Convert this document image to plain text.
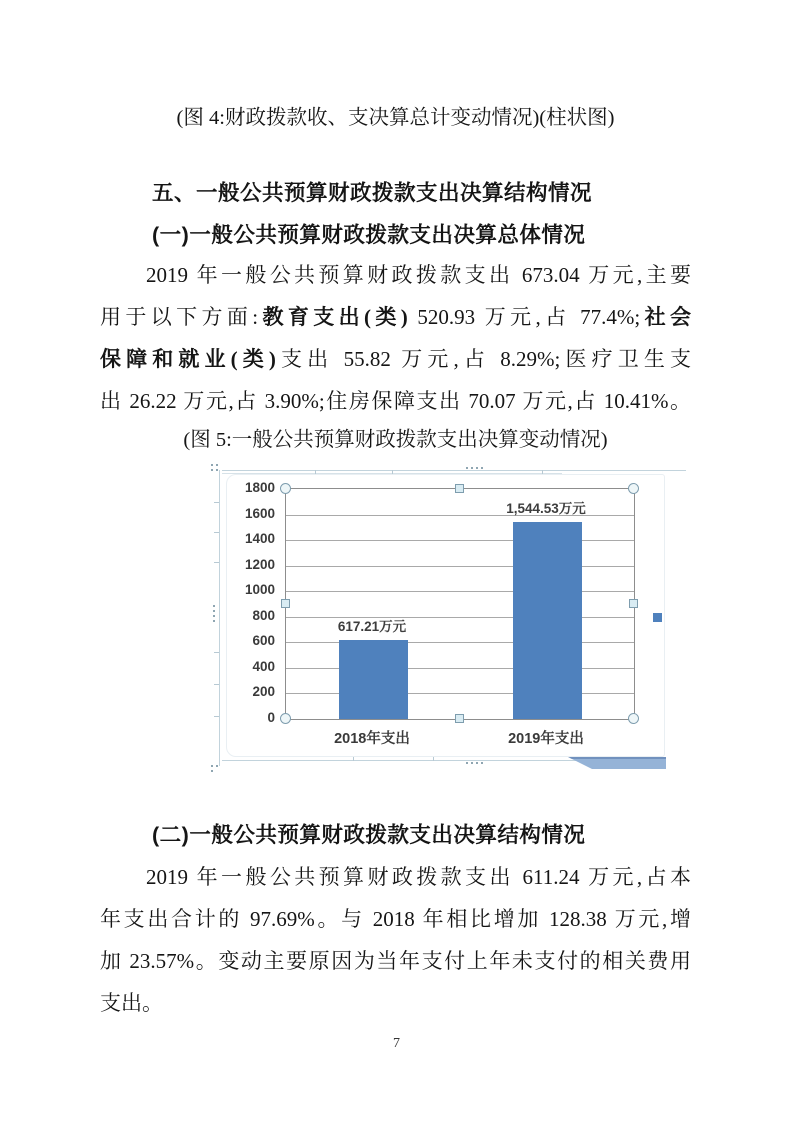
(图 4:财政拨款收、支决算总计变动情况)(柱状图)
五、一般公共预算财政拨款支出决算结构情况
(一)一般公共预算财政拨款支出决算总体情况
2019 年一般公共预算财政拨款支出 673.04 万元,主要
用于以下方面:教育支出(类) 520.93 万元,占 77.4%;社会
保障和就业(类)支出 55.82 万元,占 8.29%;医疗卫生支
出 26.22 万元,占 3.90%;住房保障支出 70.07 万元,占 10.41%。
(图 5:一般公共预算财政拨款支出决算变动情况)
1800
1600
1400
1200
1000
800
600
400
200
0
617.21万元
1,544.53万元
2018年支出	2019年支出
(二)一般公共预算财政拨款支出决算结构情况
2019 年一般公共预算财政拨款支出 611.24 万元,占本
年支出合计的 97.69%。与 2018 年相比增加 128.38 万元,增
加 23.57%。变动主要原因为当年支付上年未支付的相关费用
支出。
7
